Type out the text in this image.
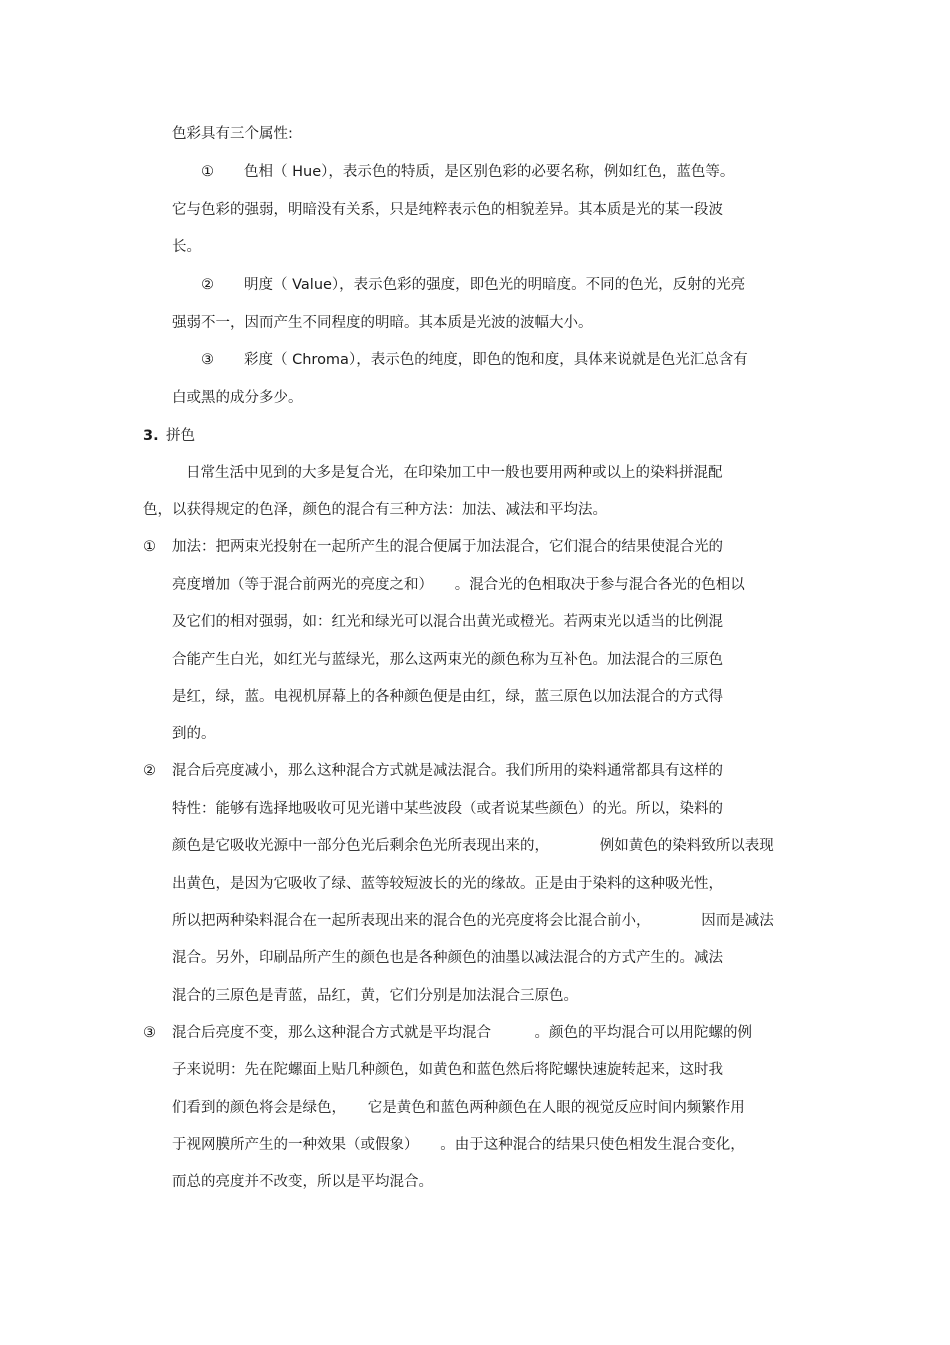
色彩具有三个属性:
① 色相（ Hue），表示色的特质，是区别色彩的必要名称，例如红色，蓝色等。
它与色彩的强弱，明暗没有关系，只是纯粹表示色的相貌差异。其本质是光的某一段波
长。
② 明度（ Value），表示色彩的强度，即色光的明暗度。不同的色光，反射的光亮
强弱不一，因而产生不同程度的明暗。其本质是光波的波幅大小。
③ 彩度（ Chroma），表示色的纯度，即色的饱和度，具体来说就是色光汇总含有
白或黑的成分多少。
3. 拼色
日常生活中见到的大多是复合光，在印染加工中一般也要用两种或以上的染料拼混配
色，以获得规定的色泽，颜色的混合有三种方法：加法、减法和平均法。
① 加法：把两束光投射在一起所产生的混合便属于加法混合，它们混合的结果使混合光的
亮度增加（等于混合前两光的亮度之和）　　。混合光的色相取决于参与混合各光的色相以
及它们的相对强弱，如：红光和绿光可以混合出黄光或橙光。若两束光以适当的比例混
合能产生白光，如红光与蓝绿光，那么这两束光的颜色称为互补色。加法混合的三原色
是红，绿，蓝。电视机屏幕上的各种颜色便是由红，绿，蓝三原色以加法混合的方式得
到的。
② 混合后亮度减小，那么这种混合方式就是减法混合。我们所用的染料通常都具有这样的
特性：能够有选择地吸收可见光谱中某些波段（或者说某些颜色）的光。所以，染料的
颜色是它吸收光源中一部分色光后剩余色光所表现出来的，　　　　例如黄色的染料致所以表现
出黄色，是因为它吸收了绿、蓝等较短波长的光的缘故。正是由于染料的这种吸光性，
所以把两种染料混合在一起所表现出来的混合色的光亮度将会比混合前小，　　　　因而是减法
混合。另外，印刷品所产生的颜色也是各种颜色的油墨以减法混合的方式产生的。减法
混合的三原色是青蓝，品红，黄，它们分别是加法混合三原色。
③ 混合后亮度不变，那么这种混合方式就是平均混合　　　。颜色的平均混合可以用陀螺的例
子来说明：先在陀螺面上贴几种颜色，如黄色和蓝色然后将陀螺快速旋转起来，这时我
们看到的颜色将会是绿色，　　它是黄色和蓝色两种颜色在人眼的视觉反应时间内频繁作用
于视网膜所产生的一种效果（或假象）　　。由于这种混合的结果只使色相发生混合变化，
而总的亮度并不改变，所以是平均混合。
